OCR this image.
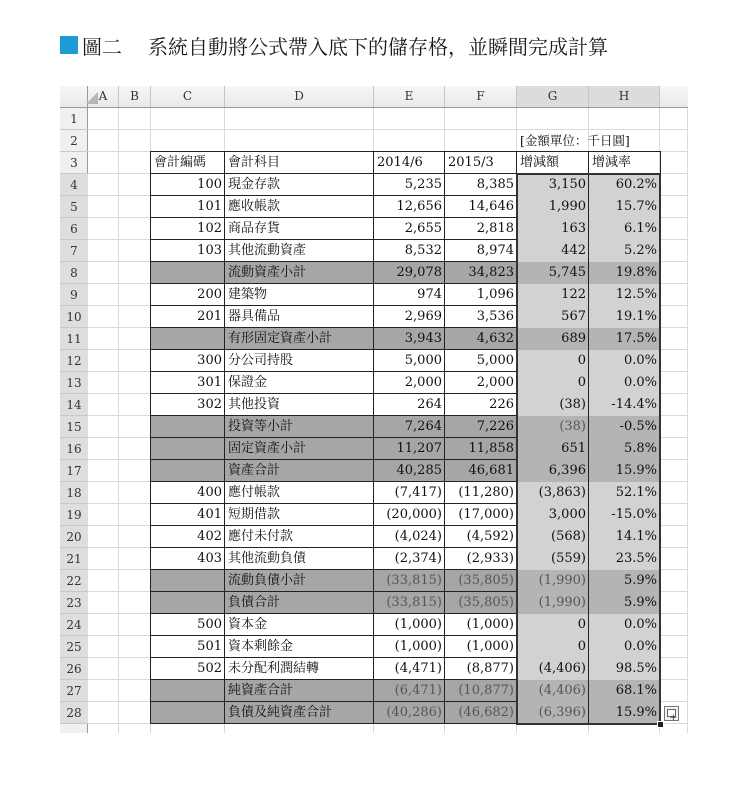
圖二 系統自動將公式帶入底下的儲存格，並瞬間完成計算
A	B	C	D	E	F	G	H
1
2	[金額單位：千日圓]
3	會計編碼	會計科目	2014/6	2015/3	增減額	增減率
4	100 現金存款	5,235	8,385	3,150	60.2%
5	101 應收帳款	12,656	14,646	1,990	15.7%
6	102 商品存貨	2,655	2,818	163	6.1%
7	103 其他流動資產	8,532	8,974	442	5.2%
8	流動資產小計	29,078	34,823	5,745	19.8%
9	200 建築物	974	1,096	122	12.5%
10	201 器具備品	2,969	3,536	567	19.1%
11	有形固定資產小計	3,943	4,632	689	17.5%
12	300 分公司持股	5,000	5,000	0	0.0%
13	301 保證金	2,000	2,000	0	0.0%
14	302 其他投資	264	226	(38)	-14.4%
15	投資等小計	7,264	7,226	(38)	-0.5%
16	固定資產小計	11,207	11,858	651	5.8%
17	資產合計	40,285	46,681	6,396	15.9%
18	400 應付帳款	(7,417)	(11,280)	(3,863)	52.1%
19	401 短期借款	(20,000)	(17,000)	3,000	-15.0%
20	402 應付未付款	(4,024)	(4,592)	(568)	14.1%
21	403 其他流動負債	(2,374)	(2,933)	(559)	23.5%
22	流動負債小計	(33,815)	(35,805)	(1,990)	5.9%
23	負債合計	(33,815)	(35,805)	(1,990)	5.9%
24	500 資本金	(1,000)	(1,000)	0	0.0%
25	501 資本剩餘金	(1,000)	(1,000)	0	0.0%
26	502 未分配利潤結轉	(4,471)	(8,877)	(4,406)	98.5%
27	純資產合計	(6,471)	(10,877)	(4,406)	68.1%
28	負債及純資產合計	(40,286)	(46,682)	(6,396)	15.9%
+
